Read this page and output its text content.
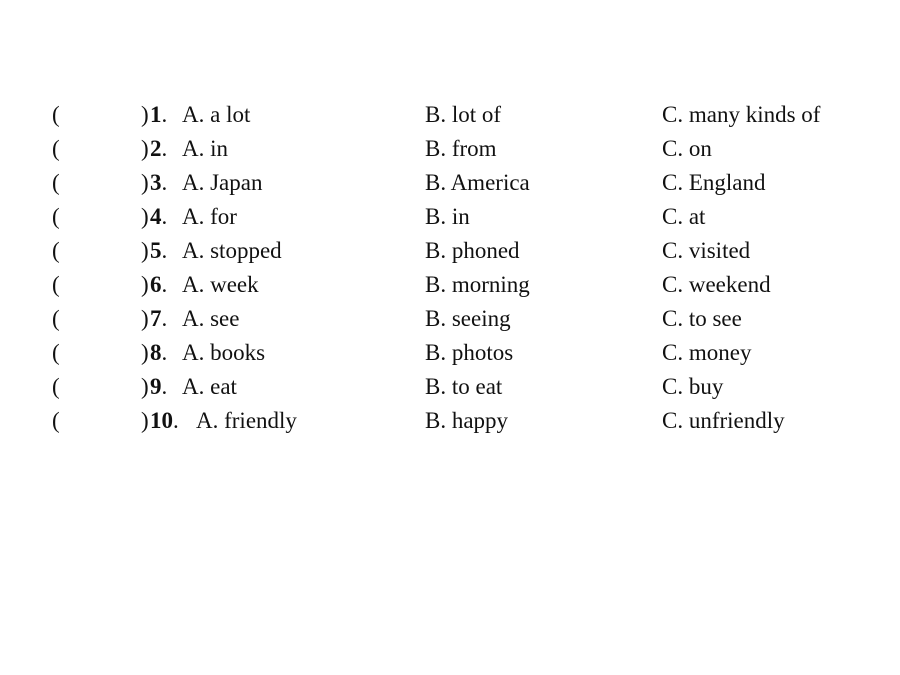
(	) 1. A. a lot	B. lot of	C. many kinds of
(	) 2. A. in	B. from	C. on
(	) 3. A. Japan	B. America	C. England
(	) 4. A. for	B. in	C. at
(	) 5. A. stopped	B. phoned	C. visited
(	) 6. A. week	B. morning	C. weekend
(	) 7. A. see	B. seeing	C. to see
(	) 8. A. books	B. photos	C. money
(	) 9. A. eat	B. to eat	C. buy
(	) 10. A. friendly	B. happy	C. unfriendly
